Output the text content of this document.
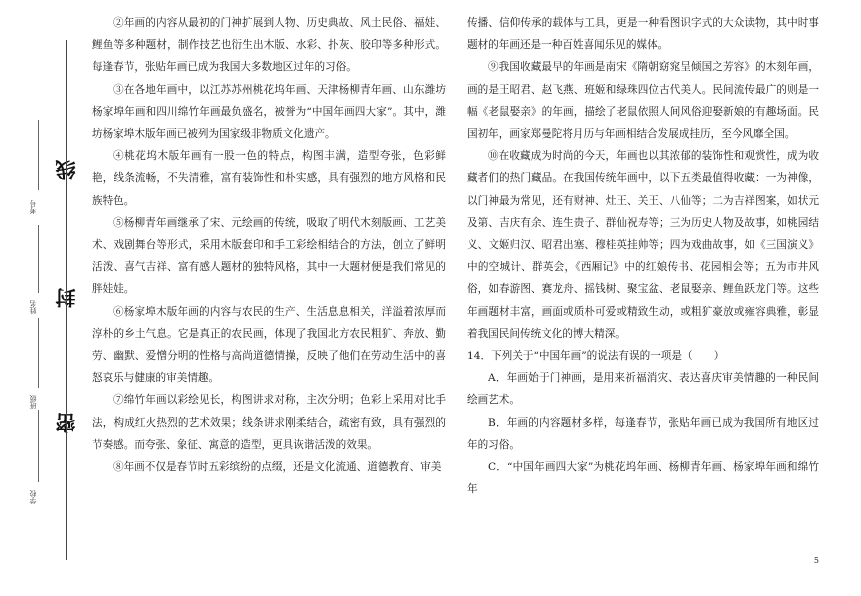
考号
姓名
班级
学校
线
封
密

②年画的内容从最初的门神扩展到人物、历史典故、风土民俗、福娃、鲤鱼等多种题材，制作技艺也衍生出木版、水彩、扑灰、胶印等多种形式。每逢春节，张贴年画已成为我国大多数地区过年的习俗。

③在各地年画中，以江苏苏州桃花坞年画、天津杨柳青年画、山东潍坊杨家埠年画和四川绵竹年画最负盛名，被誉为“中国年画四大家”。其中，潍坊杨家埠木版年画已被列为国家级非物质文化遗产。

④桃花坞木版年画有一股一色的特点，构图丰满，造型夸张，色彩鲜艳，线条流畅，不失清雅，富有装饰性和朴实感，具有强烈的地方风格和民族特色。

⑤杨柳青年画继承了宋、元绘画的传统，吸取了明代木刻版画、工艺美术、戏剧舞台等形式，采用木版套印和手工彩绘相结合的方法，创立了鲜明活泼、喜气吉祥、富有感人题材的独特风格，其中一大题材便是我们常见的胖娃娃。

⑥杨家埠木版年画的内容与农民的生产、生活息息相关，洋溢着浓厚而淳朴的乡土气息。它是真正的农民画，体现了我国北方农民粗犷、奔放、勤劳、幽默、爱憎分明的性格与高尚道德情操，反映了他们在劳动生活中的喜怒哀乐与健康的审美情趣。

⑦绵竹年画以彩绘见长，构图讲求对称，主次分明；色彩上采用对比手法，构成红火热烈的艺术效果；线条讲求刚柔结合，疏密有致，具有强烈的节奏感。而夸张、象征、寓意的造型，更具诙谐活泼的效果。

⑧年画不仅是春节时五彩缤纷的点缀，还是文化流通、道德教育、审美

传播、信仰传承的载体与工具，更是一种看图识字式的大众读物，其中时事题材的年画还是一种百姓喜闻乐见的媒体。

⑨我国收藏最早的年画是南宋《隋朝窈窕呈倾国之芳容》的木刻年画，画的是王昭君、赵飞燕、班姬和绿珠四位古代美人。民间流传最广的则是一幅《老鼠娶亲》的年画，描绘了老鼠依照人间风俗迎娶新娘的有趣场面。民国初年，画家郑曼陀将月历与年画相结合发展成挂历，至今风靡全国。

⑩在收藏成为时尚的今天，年画也以其浓郁的装饰性和观赏性，成为收藏者们的热门藏品。在我国传统年画中，以下五类最值得收藏：一为神像，以门神最为常见，还有财神、灶王、关王、八仙等；二为吉祥图案，如状元及第、吉庆有余、连生贵子、群仙祝寿等；三为历史人物及故事，如桃园结义、文姬归汉、昭君出塞、穆桂英挂帅等；四为戏曲故事，如《三国演义》中的空城计、群英会，《西厢记》中的红娘传书、花园相会等；五为市井风俗，如春游图、赛龙舟、摇钱树、聚宝盆、老鼠娶亲、鲤鱼跃龙门等。这些年画题材丰富，画面或质朴可爱或精致生动，或粗犷豪放或雍容典雅，彰显着我国民间传统文化的博大精深。

14．下列关于“中国年画”的说法有误的一项是（　　）

A．年画始于门神画，是用来祈福消灾、表达喜庆审美情趣的一种民间绘画艺术。

B．年画的内容题材多样，每逢春节，张贴年画已成为我国所有地区过年的习俗。

C．“中国年画四大家”为桃花坞年画、杨柳青年画、杨家埠年画和绵竹年

5
